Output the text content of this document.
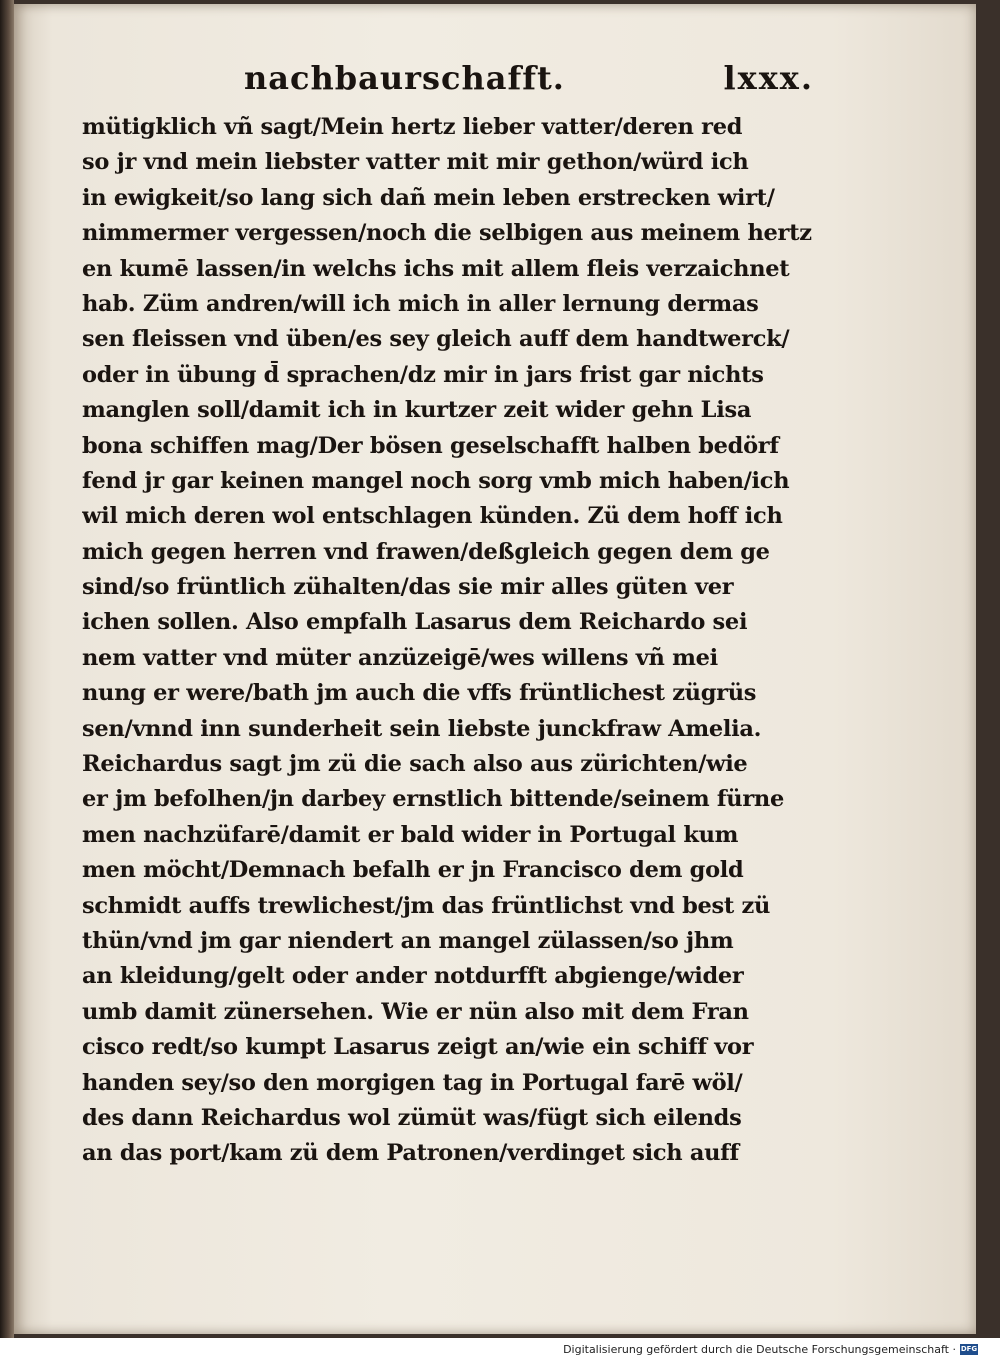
nachbaurschafft.	lxxx.
mütigklich vñ sagt/Mein hertz lieber vatter/deren red
so jr vnd mein liebster vatter mit mir gethon/würd ich
in ewigkeit/so lang sich dañ mein leben erstrecken wirt/
nimmermer vergessen/noch die selbigen aus meinem hertz
en kumē lassen/in welchs ichs mit allem fleis verzaichnet
hab. Züm andren/will ich mich in aller lernung dermas
sen fleissen vnd üben/es sey gleich auff dem handtwerck/
oder in übung d̄ sprachen/dz mir in jars frist gar nichts
manglen soll/damit ich in kurtzer zeit wider gehn Lisa
bona schiffen mag/Der bösen geselschafft halben bedörf
fend jr gar keinen mangel noch sorg vmb mich haben/ich
wil mich deren wol entschlagen künden. Zü dem hoff ich
mich gegen herren vnd frawen/deßgleich gegen dem ge
sind/so früntlich zühalten/das sie mir alles güten ver
ichen sollen. Also empfalh Lasarus dem Reichardo sei
nem vatter vnd müter anzüzeigē/wes willens vñ mei
nung er were/bath jm auch die vffs früntlichest zügrüs
sen/vnnd inn sunderheit sein liebste junckfraw Amelia.
Reichardus sagt jm zü die sach also aus zürichten/wie
er jm befolhen/jn darbey ernstlich bittende/seinem fürne
men nachzüfarē/damit er bald wider in Portugal kum
men möcht/Demnach befalh er jn Francisco dem gold
schmidt auffs trewlichest/jm das früntlichst vnd best zü
thün/vnd jm gar niendert an mangel zülassen/so jhm
an kleidung/gelt oder ander notdurfft abgienge/wider
umb damit zünersehen. Wie er nün also mit dem Fran
cisco redt/so kumpt Lasarus zeigt an/wie ein schiff vor
handen sey/so den morgigen tag in Portugal farē wöl/
des dann Reichardus wol zümüt was/fügt sich eilends
an das port/kam zü dem Patronen/verdinget sich auff
Digitalisierung gefördert durch die Deutsche Forschungsgemeinschaft · DFG
